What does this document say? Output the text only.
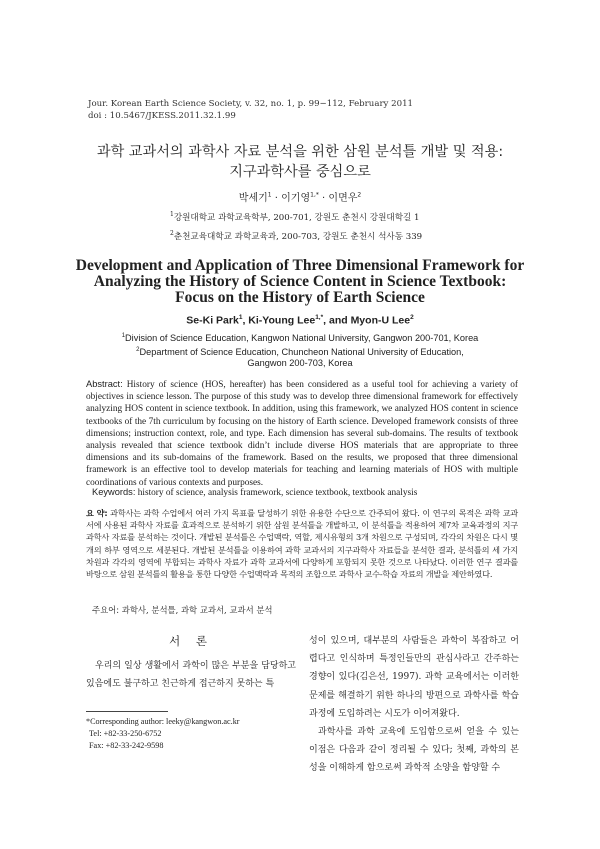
Jour. Korean Earth Science Society, v. 32, no. 1, p. 99−112, February 2011
doi : 10.5467/JKESS.2011.32.1.99
과학 교과서의 과학사 자료 분석을 위한 삼원 분석틀 개발 및 적용:
지구과학사를 중심으로
박세기$^1$ · 이기영$^{1,*}$ · 이면우$^2$
$^1$강원대학교 과학교육학부, 200-701, 강원도 춘천시 강원대학길 1
$^2$춘천교육대학교 과학교육과, 200-703, 강원도 춘천시 석사동 339
Development and Application of Three Dimensional Framework for
Analyzing the History of Science Content in Science Textbook:
Focus on the History of Earth Science
Se-Ki Park$^1$, Ki-Young Lee$^{1,*}$, and Myon-U Lee$^2$
$^1$Division of Science Education, Kangwon National University, Gangwon 200-701, Korea
$^2$Department of Science Education, Chuncheon National University of Education,
Gangwon 200-703, Korea
Abstract: History of science (HOS, hereafter) has been considered as a useful tool for achieving a variety of objectives in science lesson. The purpose of this study was to develop three dimensional framework for effectively analyzing HOS content in science textbook. In addition, using this framework, we analyzed HOS content in science textbooks of the 7th curriculum by focusing on the history of Earth science. Developed framework consists of three dimensions; instruction context, role, and type. Each dimension has several sub-domains. The results of textbook analysis revealed that science textbook didn’t include diverse HOS materials that are appropriate to three dimensions and its sub-domains of the framework. Based on the results, we proposed that three dimensional framework is an effective tool to develop materials for teaching and learning materials of HOS with multiple coordinations of various contexts and purposes.
Keywords: history of science, analysis framework, science textbook, textbook analysis
요 약: 과학사는 과학 수업에서 여러 가지 목표를 달성하기 위한 유용한 수단으로 간주되어 왔다. 이 연구의 목적은 과학 교과서에 사용된 과학사 자료를 효과적으로 분석하기 위한 삼원 분석틀을 개발하고, 이 분석틀을 적용하여 제7차 교육과정의 지구과학사 자료를 분석하는 것이다. 개발된 분석틀은 수업맥락, 역할, 제시유형의 3개 차원으로 구성되며, 각각의 차원은 다시 몇 개의 하부 영역으로 세분된다. 개발된 분석틀을 이용하여 과학 교과서의 지구과학사 자료들을 분석한 결과, 분석틀의 세 가지 차원과 각각의 영역에 부합되는 과학사 자료가 과학 교과서에 다양하게 포함되지 못한 것으로 나타났다. 이러한 연구 결과를 바탕으로 삼원 분석틀의 활용을 통한 다양한 수업맥락과 목적의 조합으로 과학사 교수-학습 자료의 개발을 제안하였다.
주요어: 과학사, 분석틀, 과학 교과서, 교과서 분석
서 론
우리의 일상 생활에서 과학이 많은 부분을 담당하고 있음에도 불구하고 친근하게 접근하지 못하는 특

성이 있으며, 대부분의 사람들은 과학이 복잡하고 어렵다고 인식하며 특정인들만의 관심사라고 간주하는 경향이 있다(김은선, 1997). 과학 교육에서는 이러한 문제를 해결하기 위한 하나의 방편으로 과학사를 학습 과정에 도입하려는 시도가 이어져왔다.

과학사를 과학 교육에 도입함으로써 얻을 수 있는 이점은 다음과 같이 정리될 수 있다; 첫째, 과학의 본성을 이해하게 함으로써 과학적 소양을 함양할 수

*Corresponding author: leeky@kangwon.ac.kr
Tel: +82-33-250-6752
Fax: +82-33-242-9598
